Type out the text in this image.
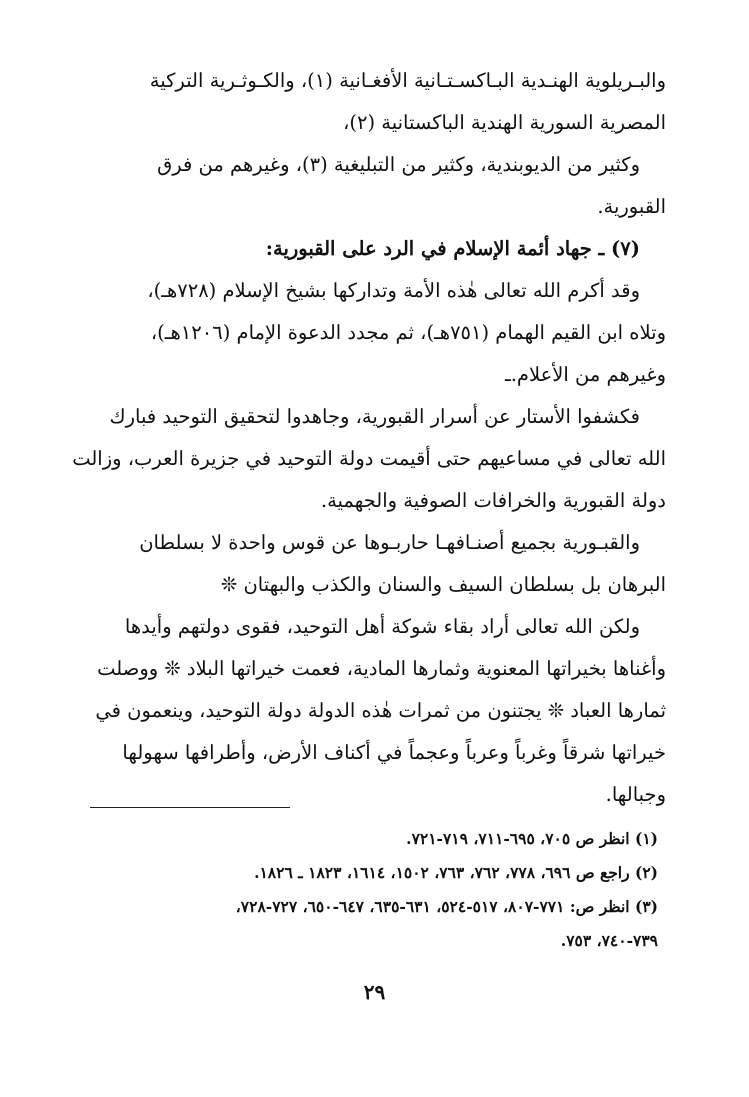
والبـريلوية الهنـدية البـاكسـتـانية الأفغـانية (١)، والكـوثـرية التركية
المصرية السورية الهندية الباكستانية (٢)،
وكثير من الديوبندية، وكثير من التبليغية (٣)، وغيرهم من فرق
القبورية.
(٧) ـ جهاد أئمة الإسلام في الرد على القبورية:
وقد أكرم الله تعالى هٰذه الأمة وتداركها بشيخ الإسلام (٧٢٨هـ)،
وتلاه ابن القيم الهمام (٧٥١هـ)، ثم مجدد الدعوة الإمام (١٢٠٦هـ)،
وغيرهم من الأعلام.ـ
فكشفوا الأستار عن أسرار القبورية، وجاهدوا لتحقيق التوحيد فبارك
الله تعالى في مساعيهم حتى أقيمت دولة التوحيد في جزيرة العرب، وزالت
دولة القبورية والخرافات الصوفية والجهمية.
والقبـورية بجميع أصنـافهـا حاربـوها عن قوس واحدة لا بسلطان
البرهان بل بسلطان السيف والسنان والكذب والبهتان ❊
ولكن الله تعالى أراد بقاء شوكة أهل التوحيد، فقوى دولتهم وأيدها
وأغناها بخيراتها المعنوية وثمارها المادية، فعمت خيراتها البلاد ❊ ووصلت
ثمارها العباد ❊ يجتنون من ثمرات هٰذه الدولة دولة التوحيد، وينعمون في
خيراتها شرقاً وغرباً وعرباً وعجماً في أكناف الأرض، وأطرافها سهولها
وجبالها.
(١) انظر ص ٧٠٥، ٦٩٥-٧١١، ٧١٩-٧٢١.
(٢) راجع ص ٦٩٦، ٧٧٨، ٧٦٢، ٧٦٣، ١٥٠٢، ١٦١٤، ١٨٢٣ ـ ١٨٢٦.
(٣) انظر ص: ٧٧١-٨٠٧، ٥١٧-٥٢٤، ٦٣١-٦٣٥، ٦٤٧-٦٥٠، ٧٢٧-٧٢٨،
٧٣٩-٧٤٠، ٧٥٣.
٢٩
